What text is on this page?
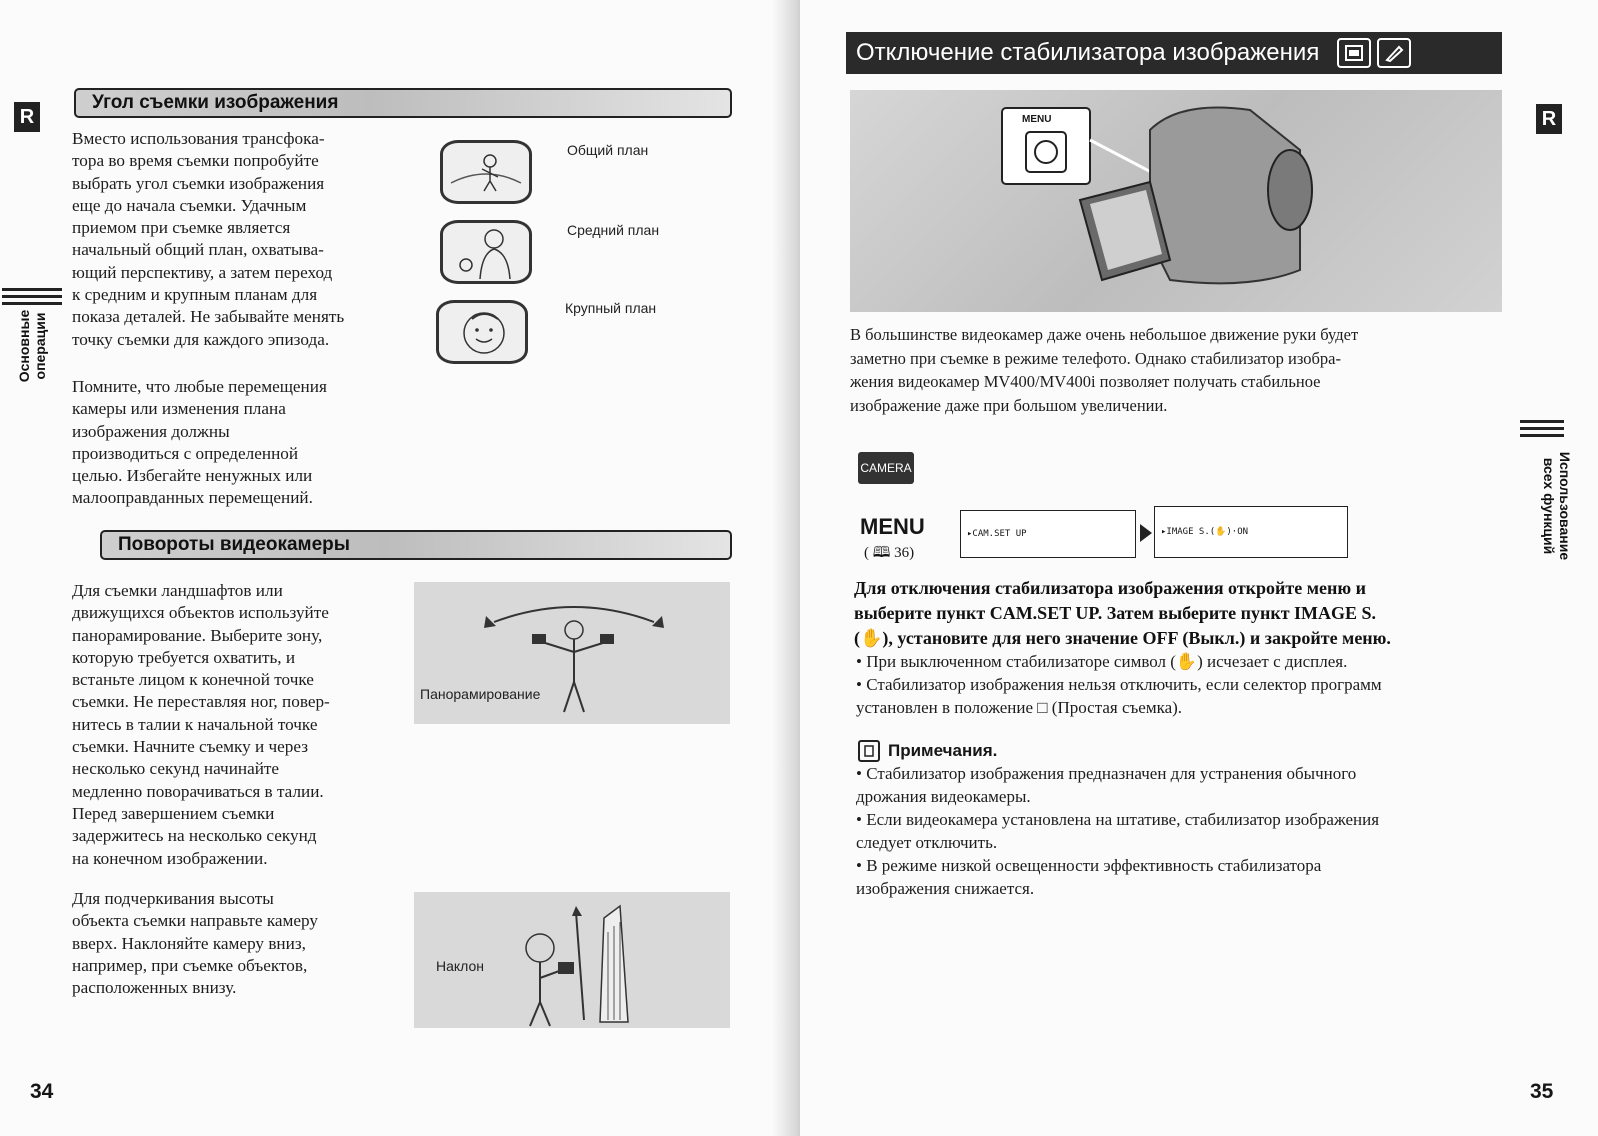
R
Угол съемки изображения
Вместо использования трансфока-
тора во время съемки попробуйте
выбрать угол съемки изображения
еще до начала съемки. Удачным
приемом при съемке является
начальный общий план, охватыва-
ющий перспективу, а затем переход
к средним и крупным планам для
показа деталей. Не забывайте менять
точку съемки для каждого эпизода.
Помните, что любые перемещения
камеры или изменения плана
изображения должны
производиться с определенной
целью. Избегайте ненужных или
малооправданных перемещений.
Общий план
Средний план
Крупный план
Основные
операции
Повороты видеокамеры
Для съемки ландшафтов или
движущихся объектов используйте
панорамирование. Выберите зону,
которую требуется охватить, и
встаньте лицом к конечной точке
съемки. Не переставляя ног, повер-
нитесь в талии к начальной точке
съемки. Начните съемку и через
несколько секунд начинайте
медленно поворачиваться в талии.
Перед завершением съемки
задержитесь на несколько секунд
на конечном изображении.
Для подчеркивания высоты
объекта съемки направьте камеру
вверх. Наклоняйте камеру вниз,
например, при съемке объектов,
расположенных внизу.
Панорамирование
Наклон
34
Отключение стабилизатора изображения
R
MENU
В большинстве видеокамер даже очень небольшое движение руки будет
заметно при съемке в режиме телефото. Однако стабилизатор изобра-
жения видеокамер MV400/MV400i позволяет получать стабильное
изображение даже при большом увеличении.
CAMERA
MENU
( 🕮 36)
▸CAM.SET UP	▸IMAGE S.(✋)·ON
Для отключения стабилизатора изображения откройте меню и
выберите пункт CAM.SET UP. Затем выберите пункт IMAGE S.
(✋), установите для него значение OFF (Выкл.) и закройте меню.
• При выключенном стабилизаторе символ (✋) исчезает с дисплея.
• Стабилизатор изображения нельзя отключить, если селектор программ
установлен в положение □ (Простая съемка).
Примечания.
• Стабилизатор изображения предназначен для устранения обычного
дрожания видеокамеры.
• Если видеокамера установлена на штативе, стабилизатор изображения
следует отключить.
• В режиме низкой освещенности эффективность стабилизатора
изображения снижается.
Использование
всех функций
35
